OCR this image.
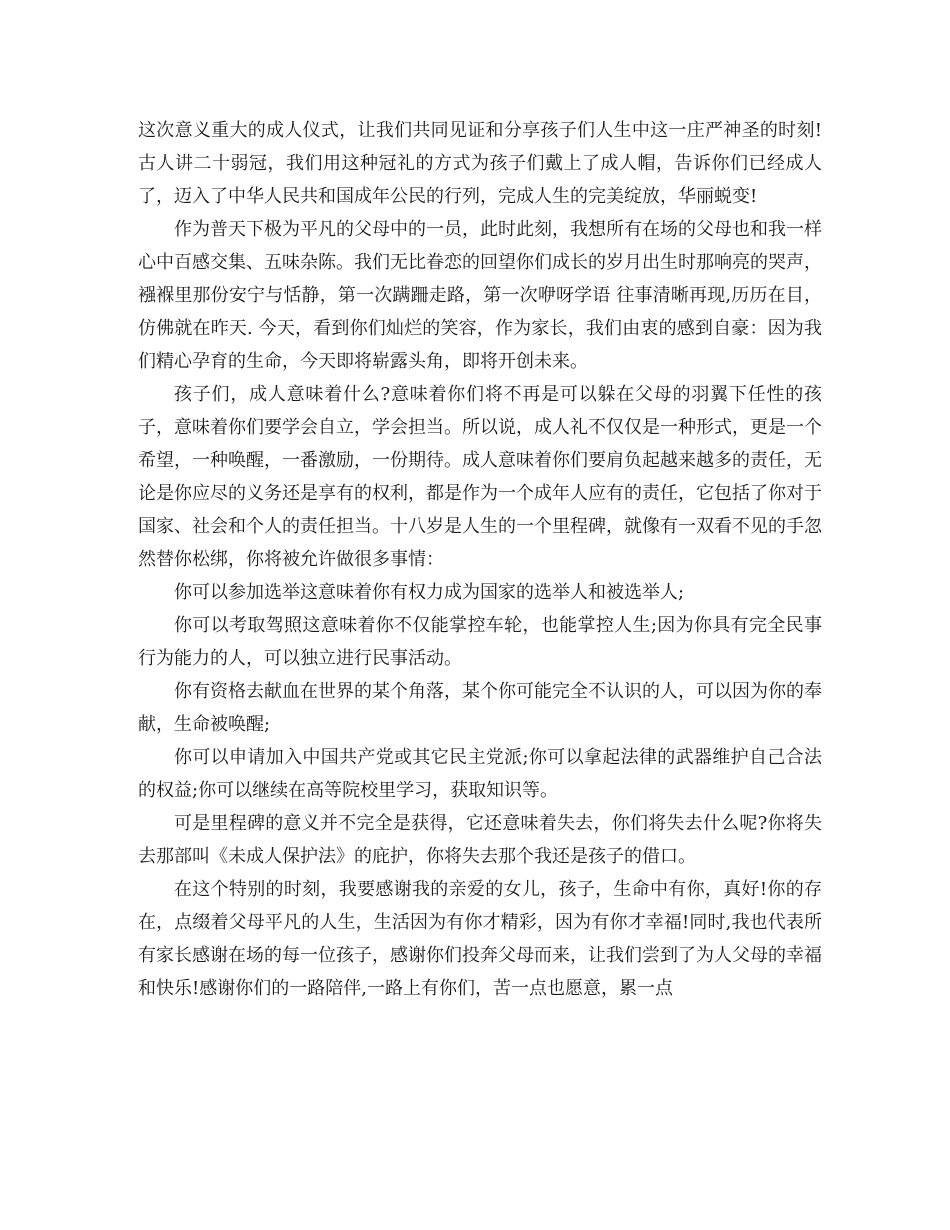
这次意义重大的成人仪式，让我们共同见证和分享孩子们人生中这一庄严神圣的时刻!古人讲二十弱冠，我们用这种冠礼的方式为孩子们戴上了成人帽，告诉你们已经成人了，迈入了中华人民共和国成年公民的行列，完成人生的完美绽放，华丽蜕变!

作为普天下极为平凡的父母中的一员，此时此刻，我想所有在场的父母也和我一样心中百感交集、五味杂陈。我们无比眷恋的回望你们成长的岁月出生时那响亮的哭声，襁褓里那份安宁与恬静，第一次蹒跚走路，第一次咿呀学语 往事清晰再现,历历在目，仿佛就在昨天. 今天，看到你们灿烂的笑容，作为家长，我们由衷的感到自豪：因为我们精心孕育的生命，今天即将崭露头角，即将开创未来。

孩子们，成人意味着什么?意味着你们将不再是可以躲在父母的羽翼下任性的孩子，意味着你们要学会自立，学会担当。所以说，成人礼不仅仅是一种形式，更是一个希望，一种唤醒，一番激励，一份期待。成人意味着你们要肩负起越来越多的责任，无论是你应尽的义务还是享有的权利，都是作为一个成年人应有的责任，它包括了你对于国家、社会和个人的责任担当。十八岁是人生的一个里程碑，就像有一双看不见的手忽然替你松绑，你将被允许做很多事情：

你可以参加选举这意味着你有权力成为国家的选举人和被选举人;

你可以考取驾照这意味着你不仅能掌控车轮，也能掌控人生;因为你具有完全民事行为能力的人，可以独立进行民事活动。

你有资格去献血在世界的某个角落，某个你可能完全不认识的人，可以因为你的奉献，生命被唤醒;

你可以申请加入中国共产党或其它民主党派;你可以拿起法律的武器维护自己合法的权益;你可以继续在高等院校里学习，获取知识等。

可是里程碑的意义并不完全是获得，它还意味着失去，你们将失去什么呢?你将失去那部叫《未成人保护法》的庇护，你将失去那个我还是孩子的借口。

在这个特别的时刻，我要感谢我的亲爱的女儿，孩子，生命中有你，真好!你的存在，点缀着父母平凡的人生，生活因为有你才精彩，因为有你才幸福!同时,我也代表所有家长感谢在场的每一位孩子，感谢你们投奔父母而来，让我们尝到了为人父母的幸福和快乐!感谢你们的一路陪伴,一路上有你们，苦一点也愿意，累一点
